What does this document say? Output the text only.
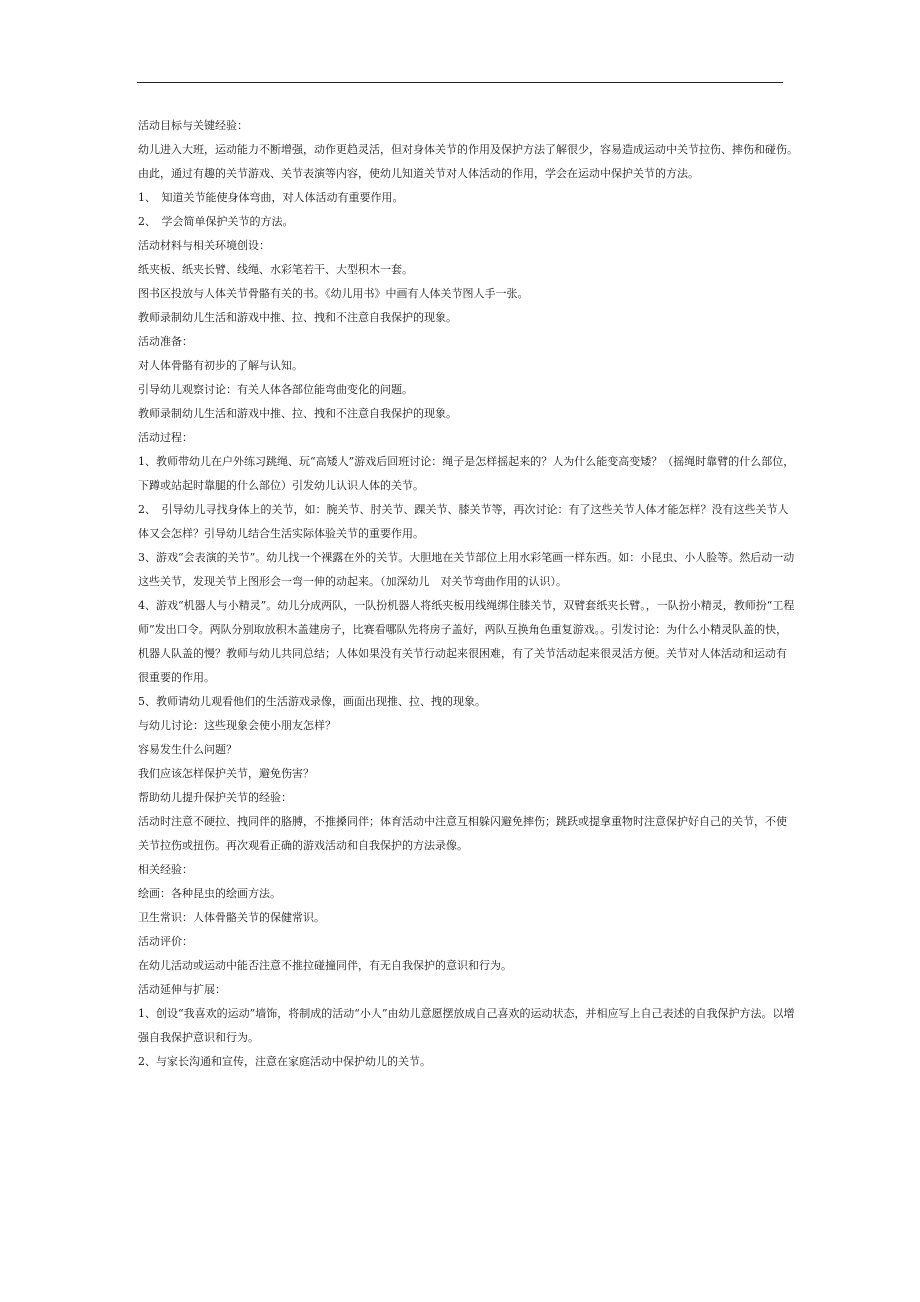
活动目标与关键经验：
幼儿进入大班，运动能力不断增强，动作更趋灵活，但对身体关节的作用及保护方法了解很少，容易造成运动中关节拉伤、摔伤和碰伤。
由此，通过有趣的关节游戏、关节表演等内容，使幼儿知道关节对人体活动的作用，学会在运动中保护关节的方法。
1、　知道关节能使身体弯曲，对人体活动有重要作用。
2、　学会简单保护关节的方法。
活动材料与相关环境创设：
纸夹板、纸夹长臂、线绳、水彩笔若干、大型积木一套。
图书区投放与人体关节骨骼有关的书。《幼儿用书》中画有人体关节图人手一张。
教师录制幼儿生活和游戏中推、拉、拽和不注意自我保护的现象。
活动准备：
对人体骨骼有初步的了解与认知。
引导幼儿观察讨论：有关人体各部位能弯曲变化的问题。
教师录制幼儿生活和游戏中推、拉、拽和不注意自我保护的现象。
活动过程：
1、教师带幼儿在户外练习跳绳、玩“高矮人”游戏后回班讨论：绳子是怎样摇起来的？人为什么能变高变矮？（摇绳时靠臂的什么部位，
下蹲或站起时靠腿的什么部位）引发幼儿认识人体的关节。
2、　引导幼儿寻找身体上的关节，如：腕关节、肘关节、踝关节、膝关节等，再次讨论：有了这些关节人体才能怎样？没有这些关节人
体又会怎样？引导幼儿结合生活实际体验关节的重要作用。
3、游戏“会表演的关节”。幼儿找一个裸露在外的关节。大胆地在关节部位上用水彩笔画一样东西。如：小昆虫、小人脸等。然后动一动
这些关节，发现关节上图形会一弯一伸的动起来。（加深幼儿　对关节弯曲作用的认识）。
4、游戏“机器人与小精灵”。幼儿分成两队，一队扮机器人将纸夹板用线绳绑住膝关节，双臂套纸夹长臂。，一队扮小精灵，教师扮“工程
师”发出口令。两队分别取放积木盖建房子，比赛看哪队先将房子盖好，两队互换角色重复游戏。。引发讨论：为什么小精灵队盖的快，
机器人队盖的慢？教师与幼儿共同总结；人体如果没有关节行动起来很困难，有了关节活动起来很灵活方便。关节对人体活动和运动有
很重要的作用。
5、教师请幼儿观看他们的生活游戏录像，画面出现推、拉、拽的现象。
与幼儿讨论：这些现象会使小朋友怎样？
容易发生什么问题？
我们应该怎样保护关节，避免伤害？
帮助幼儿提升保护关节的经验：
活动时注意不硬拉、拽同伴的胳膊，不推搡同伴；体育活动中注意互相躲闪避免摔伤；跳跃或提拿重物时注意保护好自己的关节，不使
关节拉伤或扭伤。再次观看正确的游戏活动和自我保护的方法录像。
相关经验：
绘画：各种昆虫的绘画方法。
卫生常识：人体骨骼关节的保健常识。
活动评价：
在幼儿活动或运动中能否注意不推拉碰撞同伴，有无自我保护的意识和行为。
活动延伸与扩展：
1、创设“我喜欢的运动”墙饰，将制成的活动“小人”由幼儿意愿摆放成自己喜欢的运动状态，并相应写上自己表述的自我保护方法。以增
强自我保护意识和行为。
2、与家长沟通和宣传，注意在家庭活动中保护幼儿的关节。
